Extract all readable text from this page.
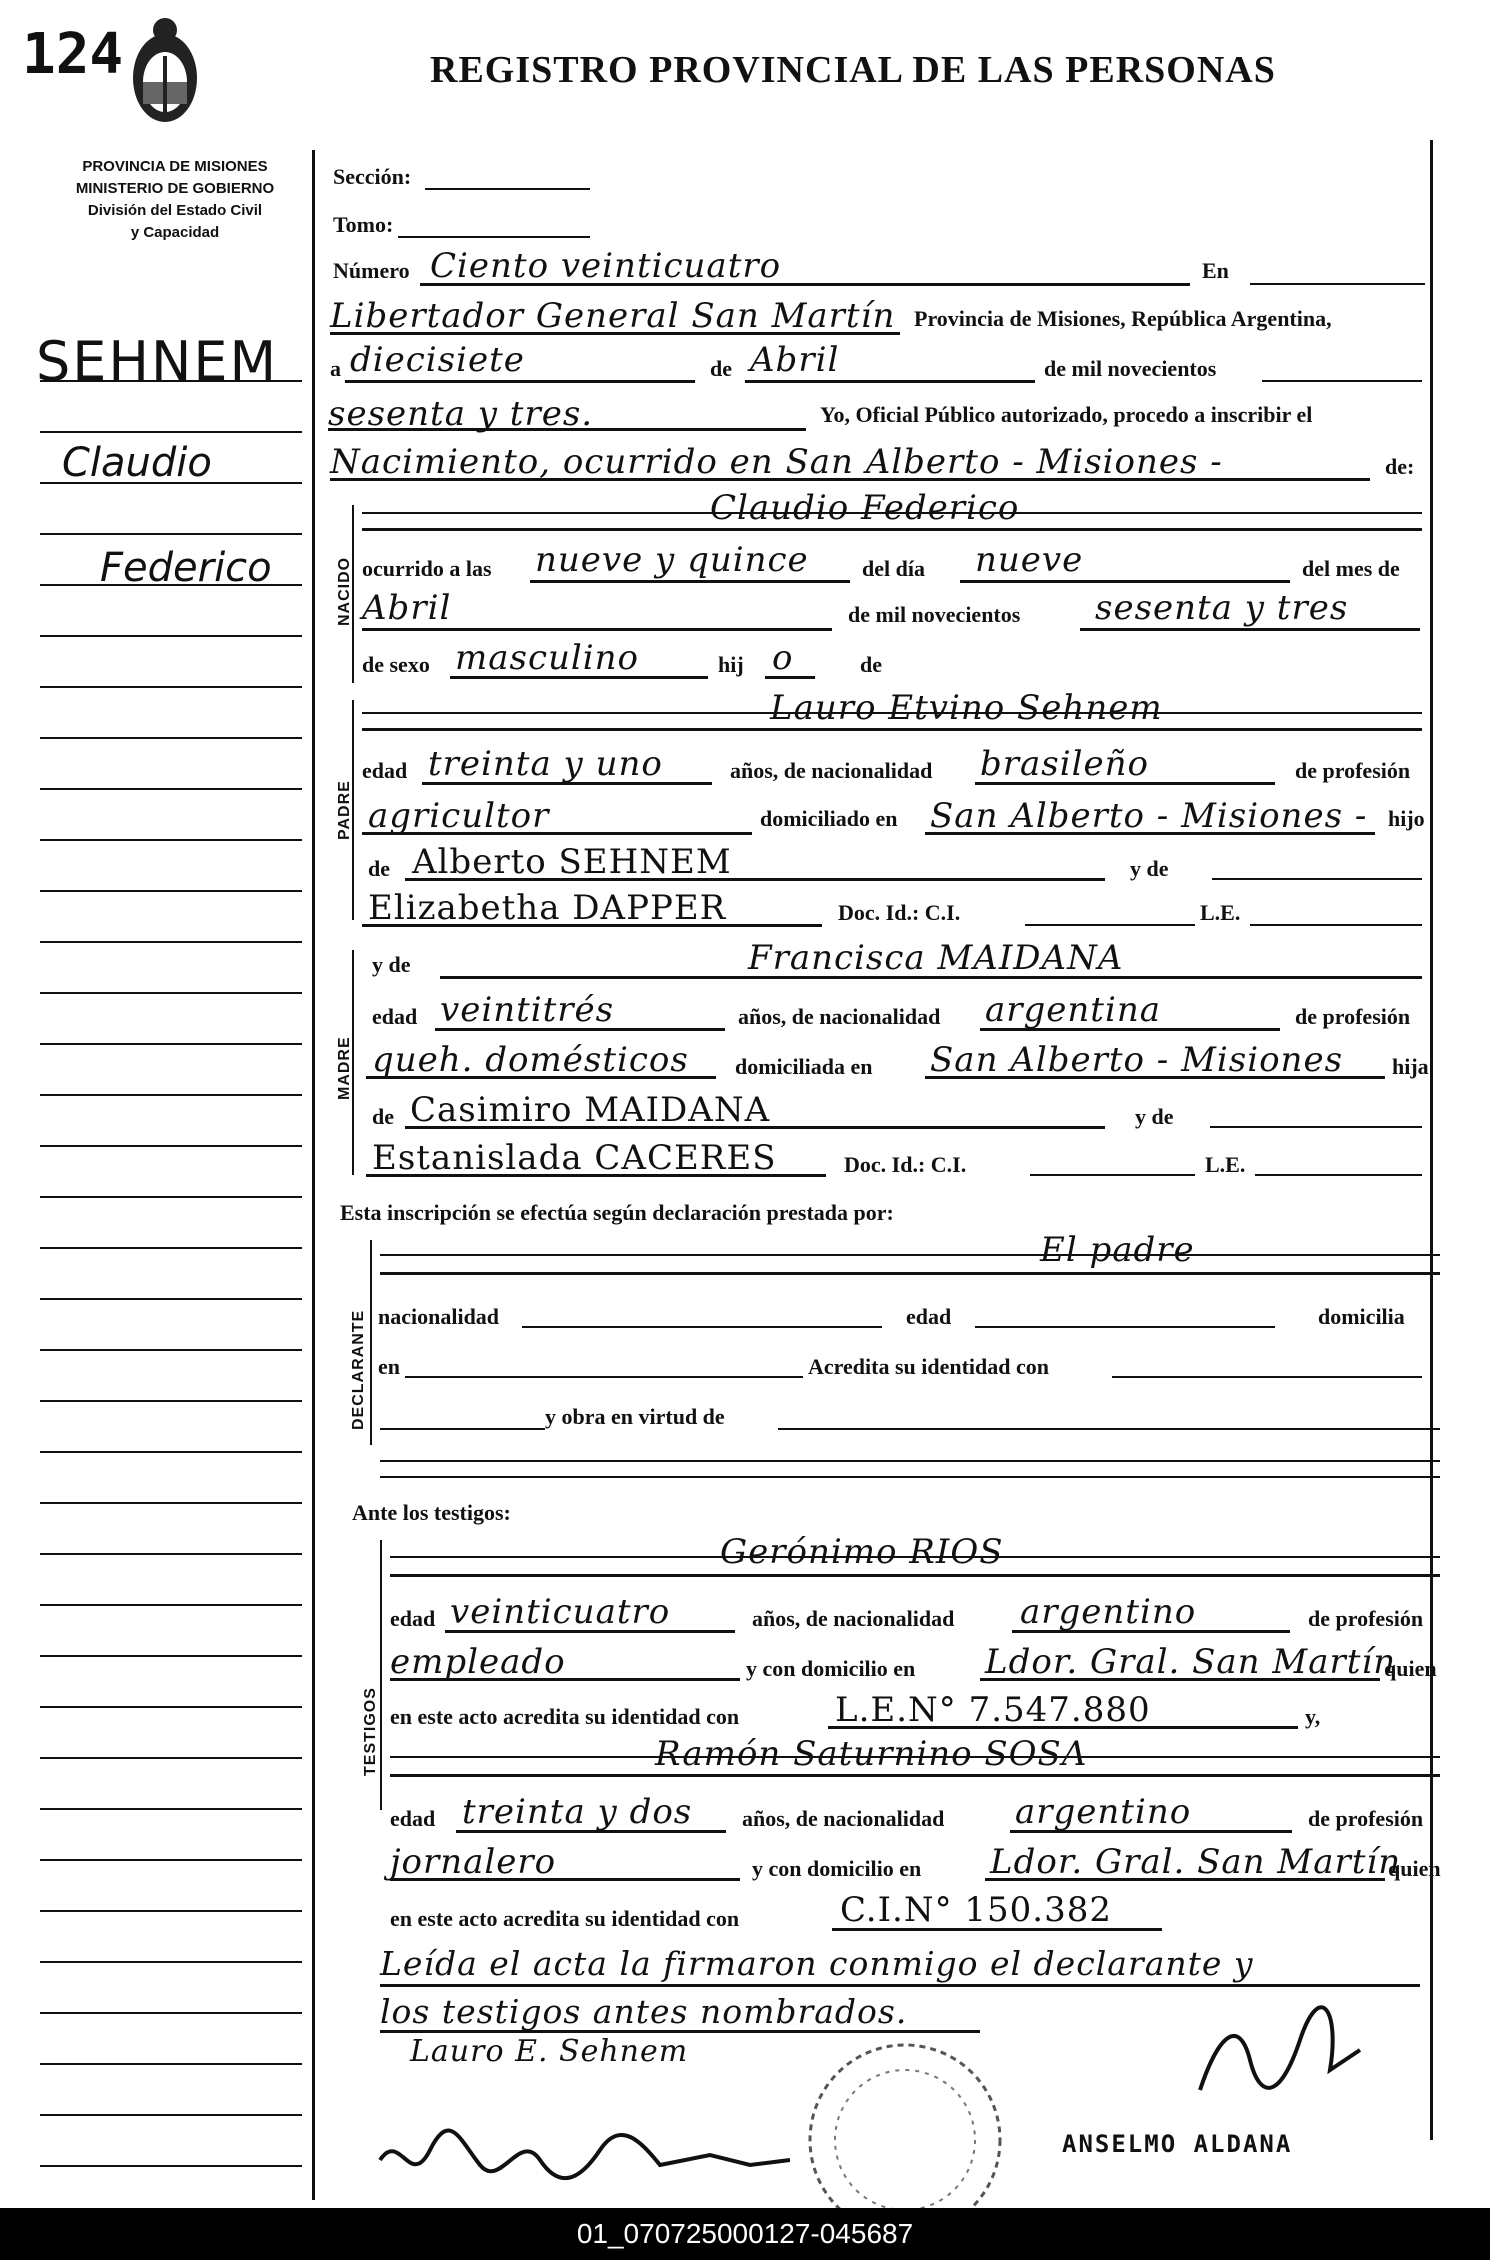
124	REGISTRO PROVINCIAL DE LAS PERSONAS
PROVINCIA DE MISIONES
MINISTERIO DE GOBIERNO
División del Estado Civil
y Capacidad
SEHNEM
Claudio
Federico
Sección:
Tomo:
Número Ciento veinticuatro	En
Libertador General San Martín Provincia de Misiones, República Argentina,
a diecisiete	de Abril	de mil novecientos
sesenta y tres.	Yo, Oficial Público autorizado, procedo a inscribir el
Nacimiento, ocurrido en San Alberto - Misiones -	de:
NACIDO
Claudio Federico
ocurrido a las nueve y quince del día nueve	del mes de
Abril	de mil novecientos sesenta y tres
de sexo masculino	hij o	de
PADRE
Lauro Etvino Sehnem
edad treinta y uno	años, de nacionalidad brasileño	de profesión
agricultor	domiciliado en San Alberto - Misiones - hijo
de Alberto SEHNEM	y de
Elizabetha DAPPER	Doc. Id.: C.I.	L.E.
MADRE
y de	Francisca MAIDANA
edad veintitrés	años, de nacionalidad argentina	de profesión
queh. domésticos domiciliada en San Alberto - Misiones hija
de Casimiro MAIDANA	y de
Estanislada CACERES	Doc. Id.: C.I.	L.E.
Esta inscripción se efectúa según declaración prestada por:
DECLARANTE
El padre
nacionalidad	edad	domicilia
en	Acredita su identidad con
y obra en virtud de
Ante los testigos:
TESTIGOS
Gerónimo RIOS
edad veinticuatro	años, de nacionalidad argentino	de profesión
empleado	y con domicilio en Ldor. Gral. San Martín
quien
en este acto acredita su identidad con	L.E.N° 7.547.880	y,
Ramón Saturnino SOSA
edad treinta y dos años, de nacionalidad argentino	de profesión
jornalero	y con domicilio en Ldor. Gral. San Martín
quien
en este acto acredita su identidad con	C.I.N° 150.382
Leída el acta la firmaron conmigo el declarante y
los testigos antes nombrados.
Lauro E. Sehnem
ANSELMO ALDANA
01_070725000127-045687
